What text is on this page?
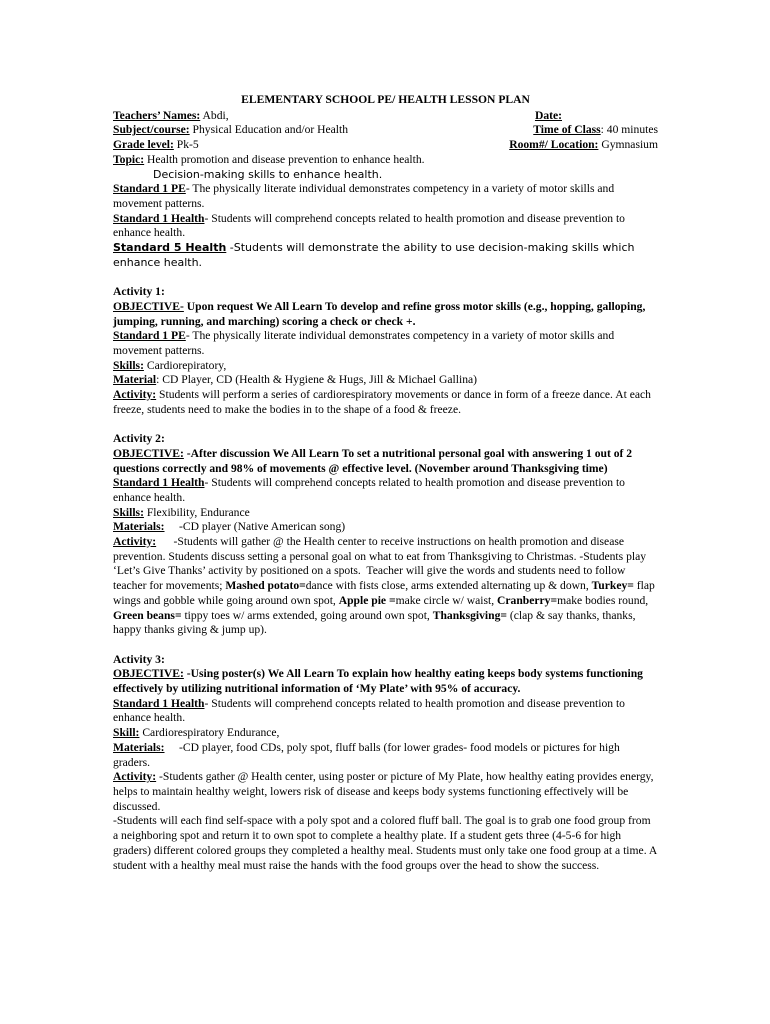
ELEMENTARY SCHOOL PE/ HEALTH LESSON PLAN
Teachers’ Names: Abdi,	Date:
Subject/course: Physical Education and/or Health	Time of Class: 40 minutes
Grade level: Pk-5	Room#/ Location: Gymnasium

Topic: Health promotion and disease prevention to enhance health.

Decision-making skills to enhance health.

Standard 1 PE- The physically literate individual demonstrates competency in a variety of motor skills and movement patterns.

Standard 1 Health- Students will comprehend concepts related to health promotion and disease prevention to enhance health.

Standard 5 Health -Students will demonstrate the ability to use decision-making skills which enhance health.

Activity 1:

OBJECTIVE- Upon request We All Learn To develop and refine gross motor skills (e.g., hopping, galloping, jumping, running, and marching) scoring a check or check +.

Standard 1 PE- The physically literate individual demonstrates competency in a variety of motor skills and movement patterns.

Skills: Cardiorepiratory,

Material: CD Player, CD (Health & Hygiene & Hugs, Jill & Michael Gallina)

Activity: Students will perform a series of cardiorespiratory movements or dance in form of a freeze dance. At each freeze, students need to make the bodies in to the shape of a food & freeze.

Activity 2:

OBJECTIVE: -After discussion We All Learn To set a nutritional personal goal with answering 1 out of 2 questions correctly and 98% of movements @ effective level. (November around Thanksgiving time)

Standard 1 Health- Students will comprehend concepts related to health promotion and disease prevention to enhance health.

Skills: Flexibility, Endurance

Materials:     -CD player (Native American song)

Activity:      -Students will gather @ the Health center to receive instructions on health promotion and disease prevention. Students discuss setting a personal goal on what to eat from Thanksgiving to Christmas. -Students play ‘Let’s Give Thanks’ activity by positioned on a spots.  Teacher will give the words and students need to follow teacher for movements; Mashed potato=dance with fists close, arms extended alternating up & down, Turkey= flap wings and gobble while going around own spot, Apple pie =make circle w/ waist, Cranberry=make bodies round, Green beans= tippy toes w/ arms extended, going around own spot, Thanksgiving= (clap & say thanks, thanks, happy thanks giving & jump up).

Activity 3:

OBJECTIVE: -Using poster(s) We All Learn To explain how healthy eating keeps body systems functioning effectively by utilizing nutritional information of ‘My Plate’ with 95% of accuracy.

Standard 1 Health- Students will comprehend concepts related to health promotion and disease prevention to enhance health.

Skill: Cardiorespiratory Endurance,

Materials:     -CD player, food CDs, poly spot, fluff balls (for lower grades- food models or pictures for high graders.

Activity: -Students gather @ Health center, using poster or picture of My Plate, how healthy eating provides energy, helps to maintain healthy weight, lowers risk of disease and keeps body systems functioning effectively will be discussed.

-Students will each find self-space with a poly spot and a colored fluff ball. The goal is to grab one food group from a neighboring spot and return it to own spot to complete a healthy plate. If a student gets three (4-5-6 for high graders) different colored groups they completed a healthy meal. Students must only take one food group at a time. A student with a healthy meal must raise the hands with the food groups over the head to show the success.
